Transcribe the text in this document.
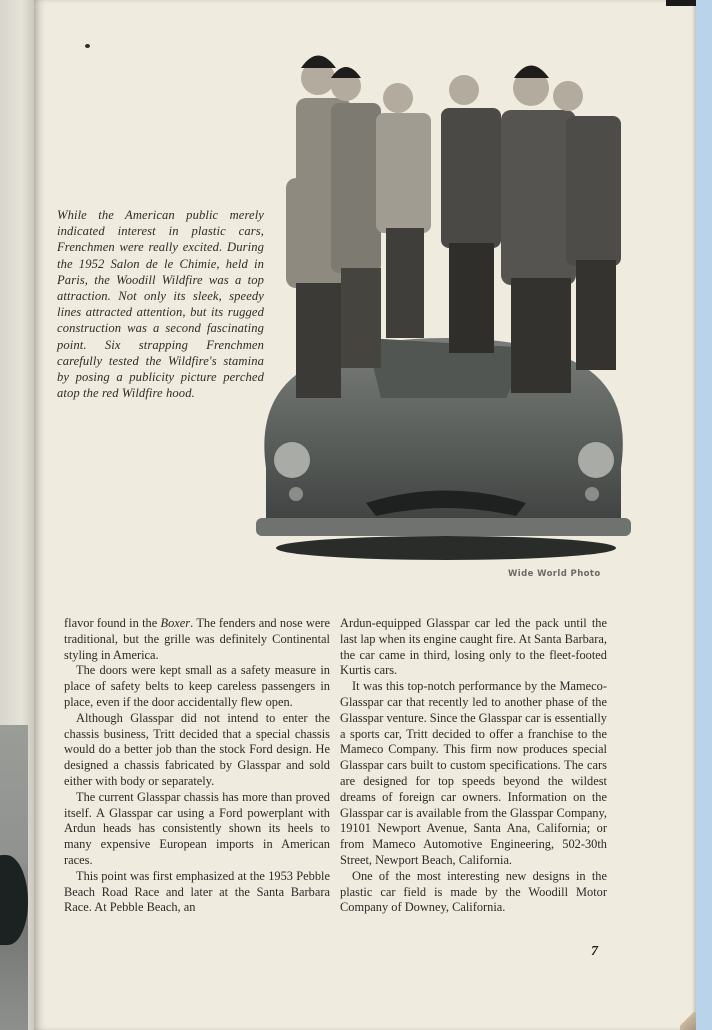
While the American public merely indicated interest in plastic cars, Frenchmen were really excited. During the 1952 Salon de le Chimie, held in Paris, the Woodill Wildfire was a top attraction. Not only its sleek, speedy lines attracted attention, but its rugged construction was a second fascinating point. Six strapping Frenchmen carefully tested the Wildfire's stamina by posing a publicity picture perched atop the red Wildfire hood.
Wide World Photo

flavor found in the Boxer. The fenders and nose were traditional, but the grille was definitely Continental styling in America.

The doors were kept small as a safety measure in place of safety belts to keep careless passengers in place, even if the door accidentally flew open.

Although Glasspar did not intend to enter the chassis business, Tritt decided that a special chassis would do a better job than the stock Ford design. He designed a chassis fabricated by Glasspar and sold either with body or separately.

The current Glasspar chassis has more than proved itself. A Glasspar car using a Ford powerplant with Ardun heads has consistently shown its heels to many expensive European imports in American races.

This point was first emphasized at the 1953 Pebble Beach Road Race and later at the Santa Barbara Race. At Pebble Beach, an

Ardun-equipped Glasspar car led the pack until the last lap when its engine caught fire. At Santa Barbara, the car came in third, losing only to the fleet-footed Kurtis cars.

It was this top-notch performance by the Mameco-Glasspar car that recently led to another phase of the Glasspar venture. Since the Glasspar car is essentially a sports car, Tritt decided to offer a franchise to the Mameco Company. This firm now produces special Glasspar cars built to custom specifications. The cars are designed for top speeds beyond the wildest dreams of foreign car owners. Information on the Glasspar car is available from the Glasspar Company, 19101 Newport Avenue, Santa Ana, California; or from Mameco Automotive Engineering, 502-30th Street, Newport Beach, California.

One of the most interesting new designs in the plastic car field is made by the Woodill Motor Company of Downey, California.

7
